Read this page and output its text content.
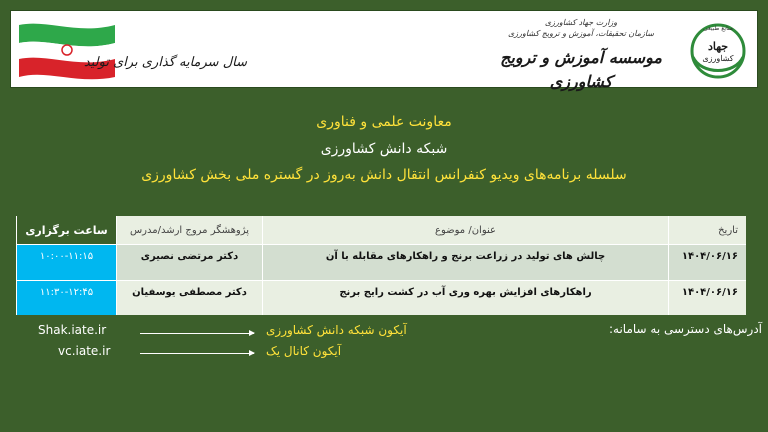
سال سرمایه گذاری برای تولید
وزارت جهاد کشاورزی
سازمان تحقیقات، آموزش و ترویج کشاورزی
موسسه آموزش و ترویج کشاورزی
منابع طبیعی
جهاد
کشاورزی
معاونت علمی و فناوری
شبکه دانش کشاورزی
سلسله برنامه‌های ویدیو کنفرانس انتقال دانش به‌روز در گستره ملی بخش کشاورزی
تاریخ
عنوان/ موضوع
پژوهشگر مروج ارشد/مدرس
ساعت برگزاری
۱۴۰۴/۰۶/۱۶
چالش های تولید در زراعت برنج و راهکارهای مقابله با آن
دکتر مرتضی نصیری
۱۰:۰۰-۱۱:۱۵
۱۴۰۴/۰۶/۱۶
راهکارهای افزایش بهره وری آب در کشت رایج برنج
دکتر مصطفی یوسفیان
۱۱:۳۰-۱۲:۴۵
آدرس‌های دسترسی به سامانه:
Shak.iate.ir	آیکون شبکه دانش کشاورزی
vc.iate.ir	آیکون کانال یک
